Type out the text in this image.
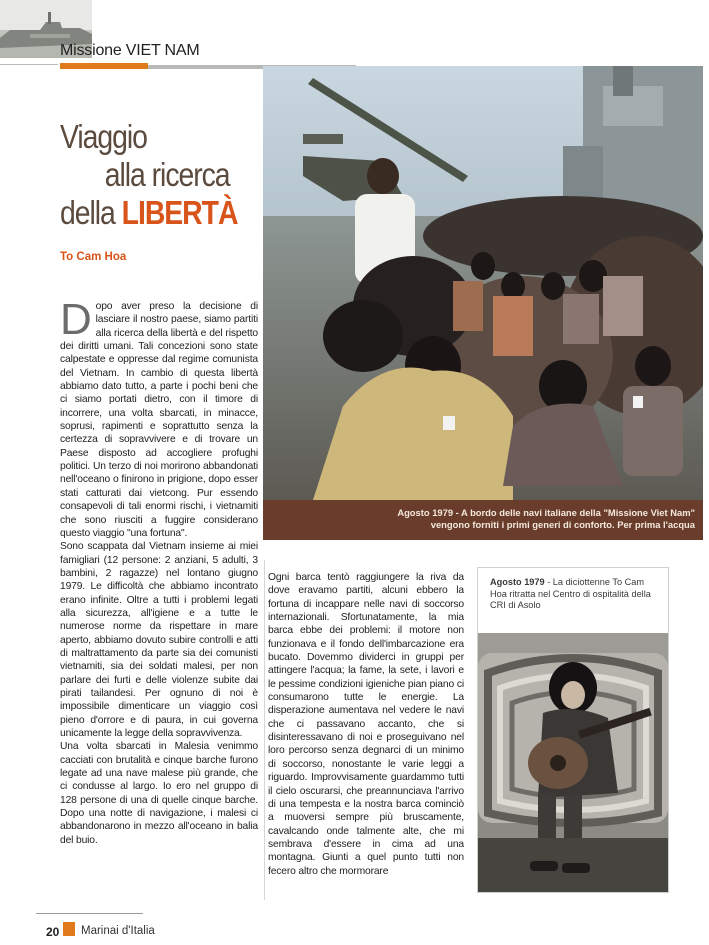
Missione VIET NAM
Viaggio
alla ricerca
della LIBERTÀ
To Cam Hoa
D opo aver preso la decisione di lasciare il nostro paese, siamo partiti alla ricerca della libertà e del rispetto dei diritti umani. Tali concezioni sono state calpestate e oppresse dal regime comunista del Vietnam. In cambio di questa libertà abbiamo dato tutto, a parte i pochi beni che ci siamo portati dietro, con il timore di incorrere, una volta sbarcati, in minacce, soprusi, rapimenti e soprattutto senza la certezza di sopravvivere e di trovare un Paese disposto ad accogliere profughi politici. Un terzo di noi morirono abbandonati nell'oceano o finirono in prigione, dopo esser stati catturati dai vietcong. Pur essendo consapevoli di tali enormi rischi, i vietnamiti che sono riusciti a fuggire considerano questo viaggio "una fortuna".

Sono scappata dal Vietnam insieme ai miei famigliari (12 persone: 2 anziani, 5 adulti, 3 bambini, 2 ragazze) nel lontano giugno 1979. Le difficoltà che abbiamo incontrato erano infinite. Oltre a tutti i problemi legati alla sicurezza, all'igiene e a tutte le numerose norme da rispettare in mare aperto, abbiamo dovuto subire controlli e atti di maltrattamento da parte sia dei comunisti vietnamiti, sia dei soldati malesi, per non parlare dei furti e delle violenze subite dai pirati tailandesi. Per ognuno di noi è impossibile dimenticare un viaggio così pieno d'orrore e di paura, in cui governa unicamente la legge della sopravvivenza.

Una volta sbarcati in Malesia venimmo cacciati con brutalità e cinque barche furono legate ad una nave malese più grande, che ci condusse al largo. Io ero nel gruppo di 128 persone di una di quelle cinque barche. Dopo una notte di navigazione, i malesi ci abbandonarono in mezzo all'oceano in balia del buio.

Ogni barca tentò raggiungere la riva da dove eravamo partiti, alcuni ebbero la fortuna di incappare nelle navi di soccorso internazionali. Sfortunatamente, la mia barca ebbe dei problemi: il motore non funzionava e il fondo dell'imbarcazione era bucato. Dovemmo dividerci in gruppi per attingere l'acqua; la fame, la sete, i lavori e le pessime condizioni igieniche pian piano ci consumarono tutte le energie. La disperazione aumentava nel vedere le navi che ci passavano accanto, che si disinteressavano di noi e proseguivano nel loro percorso senza degnarci di un minimo di soccorso, nonostante le varie leggi a riguardo. Improvvisamente guardammo tutti il cielo oscurarsi, che preannunciava l'arrivo di una tempesta e la nostra barca cominciò a muoversi sempre più bruscamente, cavalcando onde talmente alte, che mi sembrava d'essere in cima ad una montagna. Giunti a quel punto tutti non fecero altro che mormorare

Agosto 1979 - A bordo delle navi italiane della "Missione Viet Nam"
vengono forniti i primi generi di conforto. Per prima l'acqua
Agosto 1979 - La diciottenne To Cam Hoa ritratta nel Centro di ospitalità della CRI di Asolo
20 Marinai d'Italia
